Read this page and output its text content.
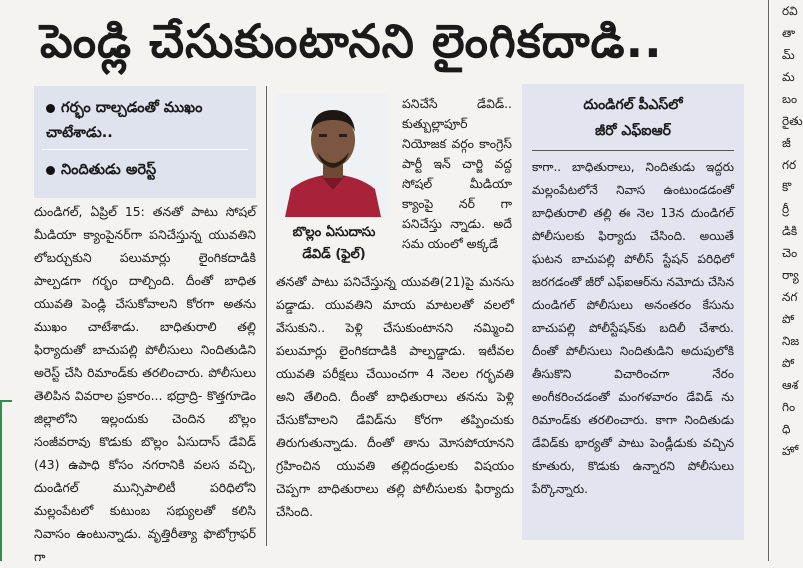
పెండ్లి చేసుకుంటానని లైంగికదాడి..
గర్భం దాల్చడంతో ముఖం చాటేశాడు..
నిందితుడు అరెస్ట్
దుండిగల్, ఏప్రిల్ 15: తనతో పాటు సోషల్ మీడియా క్యాంపైనర్‌గా పనిచేస్తున్న యువతిని లోబర్చుకుని పలుమార్లు లైంగికదాడికి పాల్పడగా గర్భం దాల్చింది. దీంతో బాధిత యువతి పెండ్లి చేసుకోవాలని కోరగా అతను ముఖం చాటేశాడు. బాధితురాలి తల్లి ఫిర్యాదుతో బాచుపల్లి పోలీసులు నిందితుడిని అరెస్ట్ చేసి రిమాండ్‌కు తరలించారు. పోలీసులు తెలిపిన వివరాల ప్రకారం... భద్రాద్రి- కొత్తగూడెం జిల్లాలోని ఇల్లందుకు చెందిన బొల్లం సంజీవరావు కొడుకు బొల్లం ఏసుదాస్ డేవిడ్ (43) ఉపాధి కోసం నగరానికి వలస వచ్చి, దుండిగల్ మున్సిపాలిటీ పరిధిలోని మల్లంపేటలో కుటుంబ సభ్యులతో కలిసి నివాసం ఉంటున్నాడు. వృత్తిరీత్యా ఫొటోగ్రాఫర్ గా
బొల్లం ఏసుదాసు
డేవిడ్ (ఫైల్)
పనిచేసే డేవిడ్.. కుత్బుల్లాపూర్ నియోజక వర్గం కాంగ్రెస్ పార్టీ ఇన్ చార్జి వద్ద సోషల్ మీడియా క్యాంపై నర్ గా పనిచేస్తు న్నాడు. అదే సమ యంలో అక్కడే
తనతో పాటు పనిచేస్తున్న యువతి(21)పై మనసు పడ్డాడు. యువతిని మాయ మాటలతో వలలో వేసుకుని.. పెళ్లి చేసుకుంటానని నమ్మించి పలుమార్లు లైంగికదాడికి పాల్పడ్డాడు. ఇటీవల యువతి పరీక్షలు చేయించగా 4 నెలల గర్భవతి అని తేలింది. దీంతో బాధితురాలు తనను పెళ్లి చేసుకోవాలని డేవిడ్‌ను కోరగా తప్పించుకు తిరుగుతున్నాడు. దీంతో తాను మోసపోయానని గ్రహించిన యువతి తల్లిదండ్రులకు విషయం చెప్పగా బాధితురాలు తల్లి పోలీసులకు ఫిర్యాదు చేసింది.
దుండిగల్ పీఎస్‌లో
జీరో ఎఫ్ఐఆర్
కాగా.. బాధితురాలు, నిందితుడు ఇద్దరు మల్లంపేటలోనే నివాస ఉంటుండడంతో బాధితురాలి తల్లి ఈ నెల 13న దుండిగల్ పోలీసులకు ఫిర్యాదు చేసింది. అయితే ఘటన బాచుపల్లి పోలీస్ స్టేషన్ పరిధిలో జరగడంతో జీరో ఎఫ్ఐఆర్‌ను నమోదు చేసిన దుండిగల్ పోలీసులు అనంతరం కేసును బాచుపల్లి పోలీస్టేషన్‌కు బదిలీ చేశారు. దీంతో పోలీసులు నిందితుడిని అదుపులోకి తీసుకొని విచారించగా నేరం అంగీకరించడంతో మంగళవారం డేవిడ్ ను రిమాండ్‌కు తరలించారు. కాగా నిందితుడు డేవిడ్‌కు భార్యతో పాటు పెండ్లీడుకు వచ్చిన కూతురు, కొడుకు ఉన్నారని పోలీసులు పేర్కొన్నారు.
రవి తా మ్ మ బం రైతు జీ గర కొ ర్రీ డికి చెం ర్యా నగ పో నిజ పో ఆశ గిం ధి హో
